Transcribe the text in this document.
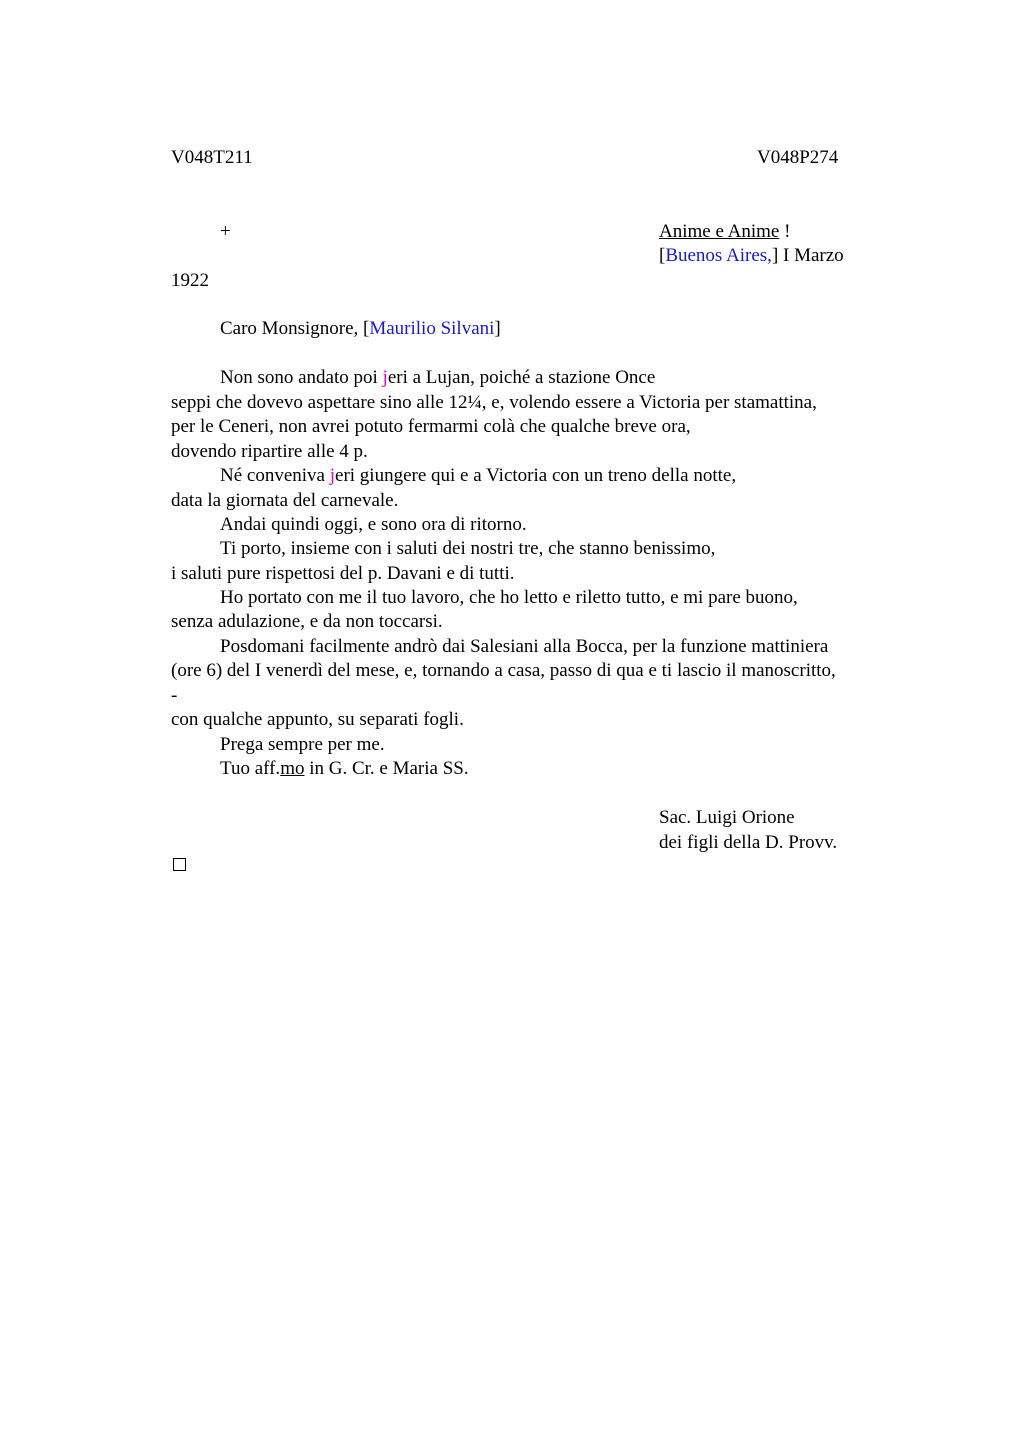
V048T211	V048P274

+	Anime e Anime !

[Buenos Aires,] I Marzo

1922

Caro Monsignore, [Maurilio Silvani]

Non sono andato poi jeri a Lujan, poiché a stazione Once

seppi che dovevo aspettare sino alle 12¼, e, volendo essere a Victoria per stamattina,

per le Ceneri, non avrei potuto fermarmi colà che qualche breve ora,

dovendo ripartire alle 4 p.

Né conveniva jeri giungere qui e a Victoria con un treno della notte,

data la giornata del carnevale.

Andai quindi oggi, e sono ora di ritorno.

Ti porto, insieme con i saluti dei nostri tre, che stanno benissimo,

i saluti pure rispettosi del p. Davani e di tutti.

Ho portato con me il tuo lavoro, che ho letto e riletto tutto, e mi pare buono,

senza adulazione, e da non toccarsi.

Posdomani facilmente andrò dai Salesiani alla Bocca, per la funzione mattiniera

(ore 6) del I venerdì del mese, e, tornando a casa, passo di qua e ti lascio il manoscritto,

-

con qualche appunto, su separati fogli.

Prega sempre per me.

Tuo aff.mo in G. Cr. e Maria SS.

Sac. Luigi Orione

dei figli della D. Provv.
